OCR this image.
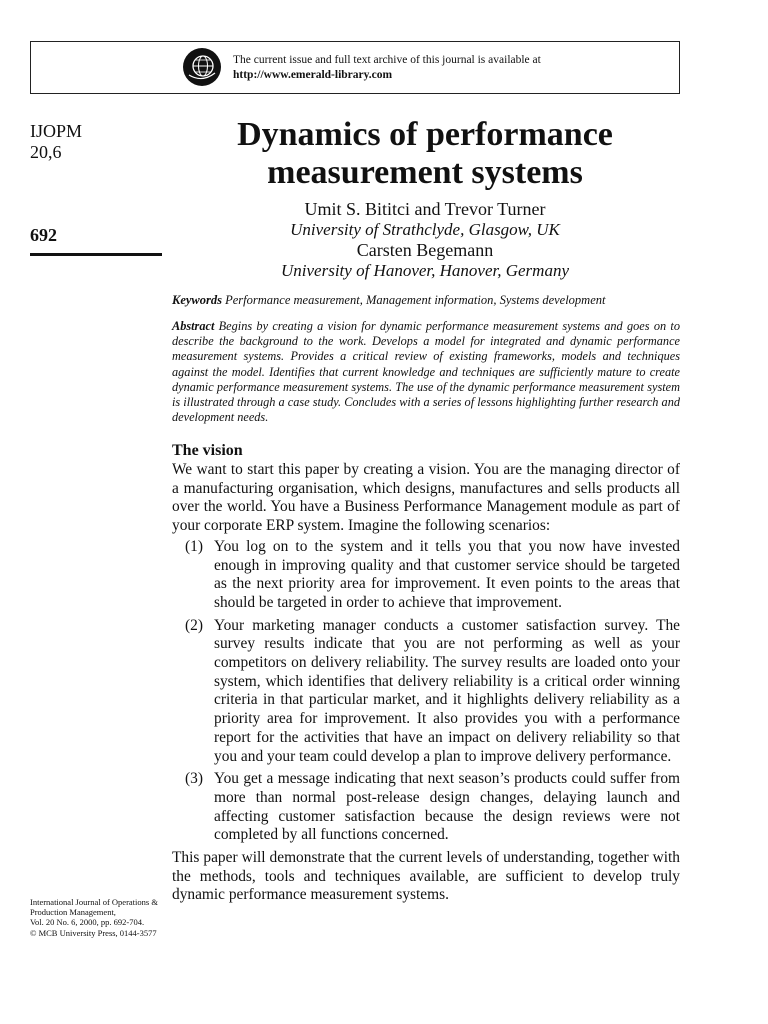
The current issue and full text archive of this journal is available at
http://www.emerald-library.com
IJOPM
20,6
692
Dynamics of performance
measurement systems
Umit S. Bititci and Trevor Turner
University of Strathclyde, Glasgow, UK
Carsten Begemann
University of Hanover, Hanover, Germany
Keywords Performance measurement, Management information, Systems development
Abstract Begins by creating a vision for dynamic performance measurement systems and goes on to describe the background to the work. Develops a model for integrated and dynamic performance measurement systems. Provides a critical review of existing frameworks, models and techniques against the model. Identifies that current knowledge and techniques are sufficiently mature to create dynamic performance measurement systems. The use of the dynamic performance measurement system is illustrated through a case study. Concludes with a series of lessons highlighting further research and development needs.
The vision
We want to start this paper by creating a vision. You are the managing director of a manufacturing organisation, which designs, manufactures and sells products all over the world. You have a Business Performance Management module as part of your corporate ERP system. Imagine the following scenarios:
(1) You log on to the system and it tells you that you now have invested enough in improving quality and that customer service should be targeted as the next priority area for improvement. It even points to the areas that should be targeted in order to achieve that improvement.
(2) Your marketing manager conducts a customer satisfaction survey. The survey results indicate that you are not performing as well as your competitors on delivery reliability. The survey results are loaded onto your system, which identifies that delivery reliability is a critical order winning criteria in that particular market, and it highlights delivery reliability as a priority area for improvement. It also provides you with a performance report for the activities that have an impact on delivery reliability so that you and your team could develop a plan to improve delivery performance.
(3) You get a message indicating that next season’s products could suffer from more than normal post-release design changes, delaying launch and affecting customer satisfaction because the design reviews were not completed by all functions concerned.
This paper will demonstrate that the current levels of understanding, together with the methods, tools and techniques available, are sufficient to develop truly dynamic performance measurement systems.
International Journal of Operations &
Production Management,
Vol. 20 No. 6, 2000, pp. 692-704.
© MCB University Press, 0144-3577
